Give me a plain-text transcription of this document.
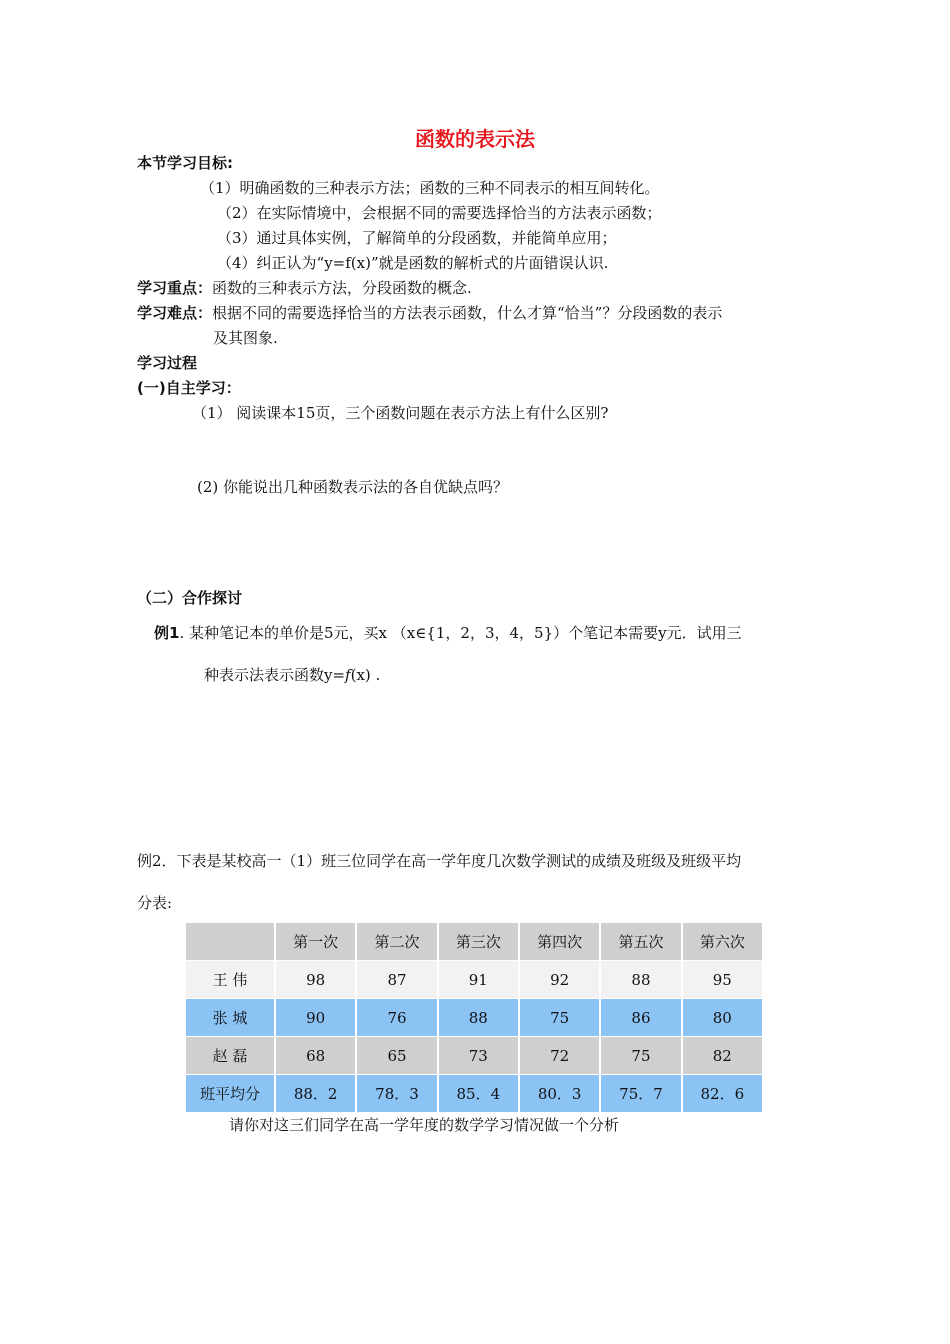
函数的表示法
本节学习目标:
（1）明确函数的三种表示方法；函数的三种不同表示的相互间转化。
（2）在实际情境中，会根据不同的需要选择恰当的方法表示函数；
（3）通过具体实例，了解简单的分段函数，并能简单应用；
（4）纠正认为“y=f(x)”就是函数的解析式的片面错误认识.
学习重点：函数的三种表示方法，分段函数的概念.
学习难点：根据不同的需要选择恰当的方法表示函数，什么才算“恰当”？分段函数的表示
及其图象.
学习过程
(一)自主学习：
（1） 阅读课本15页，三个函数问题在表示方法上有什么区别?
(2) 你能说出几种函数表示法的各自优缺点吗？
（二）合作探讨
例1. 某种笔记本的单价是5元，买x （x∈{1，2，3，4，5}）个笔记本需要y元．试用三
种表示法表示函数y=f(x) .
例2．下表是某校高一（1）班三位同学在高一学年度几次数学测试的成绩及班级及班级平均
分表:
	第一次	第二次	第三次	第四次	第五次	第六次
王 伟	98	87	91	92	88	95
张 城	90	76	88	75	86	80
赵 磊	68	65	73	72	75	82
班平均分	88．2	78．3	85．4	80．3	75．7	82．6
请你对这三们同学在高一学年度的数学学习情况做一个分析
